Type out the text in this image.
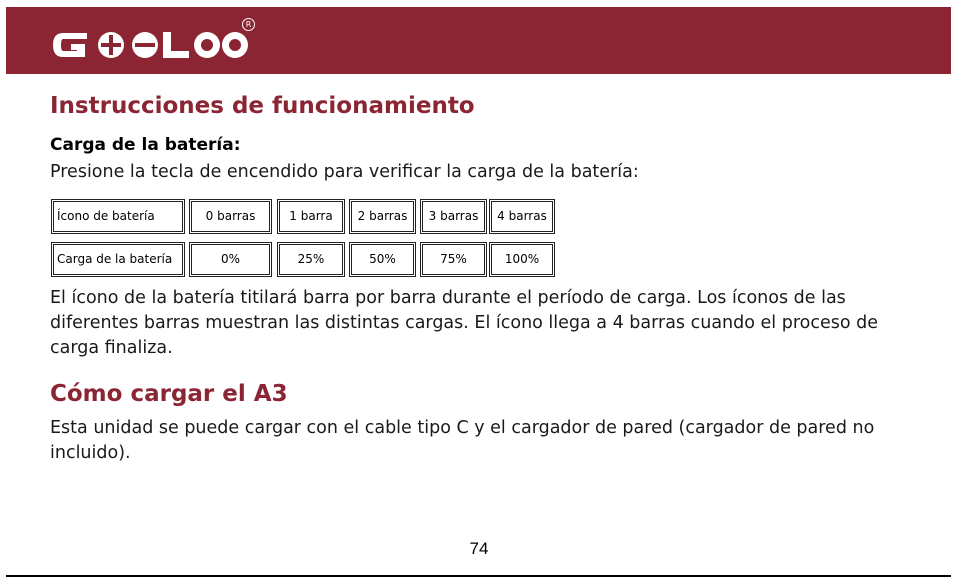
R
Instrucciones de funcionamiento
Carga de la batería:
Presione la tecla de encendido para verificar la carga de la batería:
Ícono de batería	0 barras	1 barra	2 barras	3 barras	4 barras
Carga de la batería	0%	25%	50%	75%	100%
El ícono de la batería titilará barra por barra durante el período de carga. Los íconos de las diferentes barras muestran las distintas cargas. El ícono llega a 4 barras cuando el proceso de carga finaliza.
Cómo cargar el A3
Esta unidad se puede cargar con el cable tipo C y el cargador de pared (cargador de pared no incluido).
74
